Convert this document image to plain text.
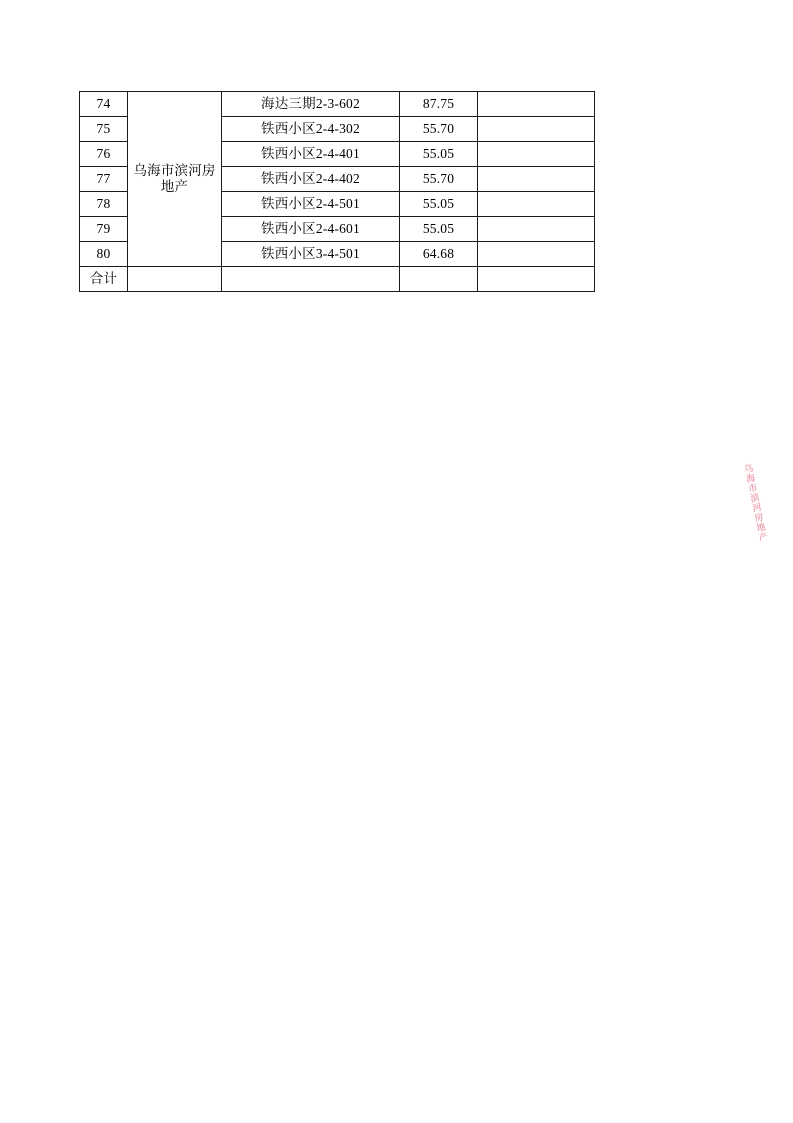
74	乌海市滨河房地产	海达三期2-3-602	87.75	
75		铁西小区2-4-302	55.70	
76		铁西小区2-4-401	55.05	
77		铁西小区2-4-402	55.70	
78		铁西小区2-4-501	55.05	
79		铁西小区2-4-601	55.05	
80		铁西小区3-4-501	64.68	
合计				
乌海市滨河房地产
